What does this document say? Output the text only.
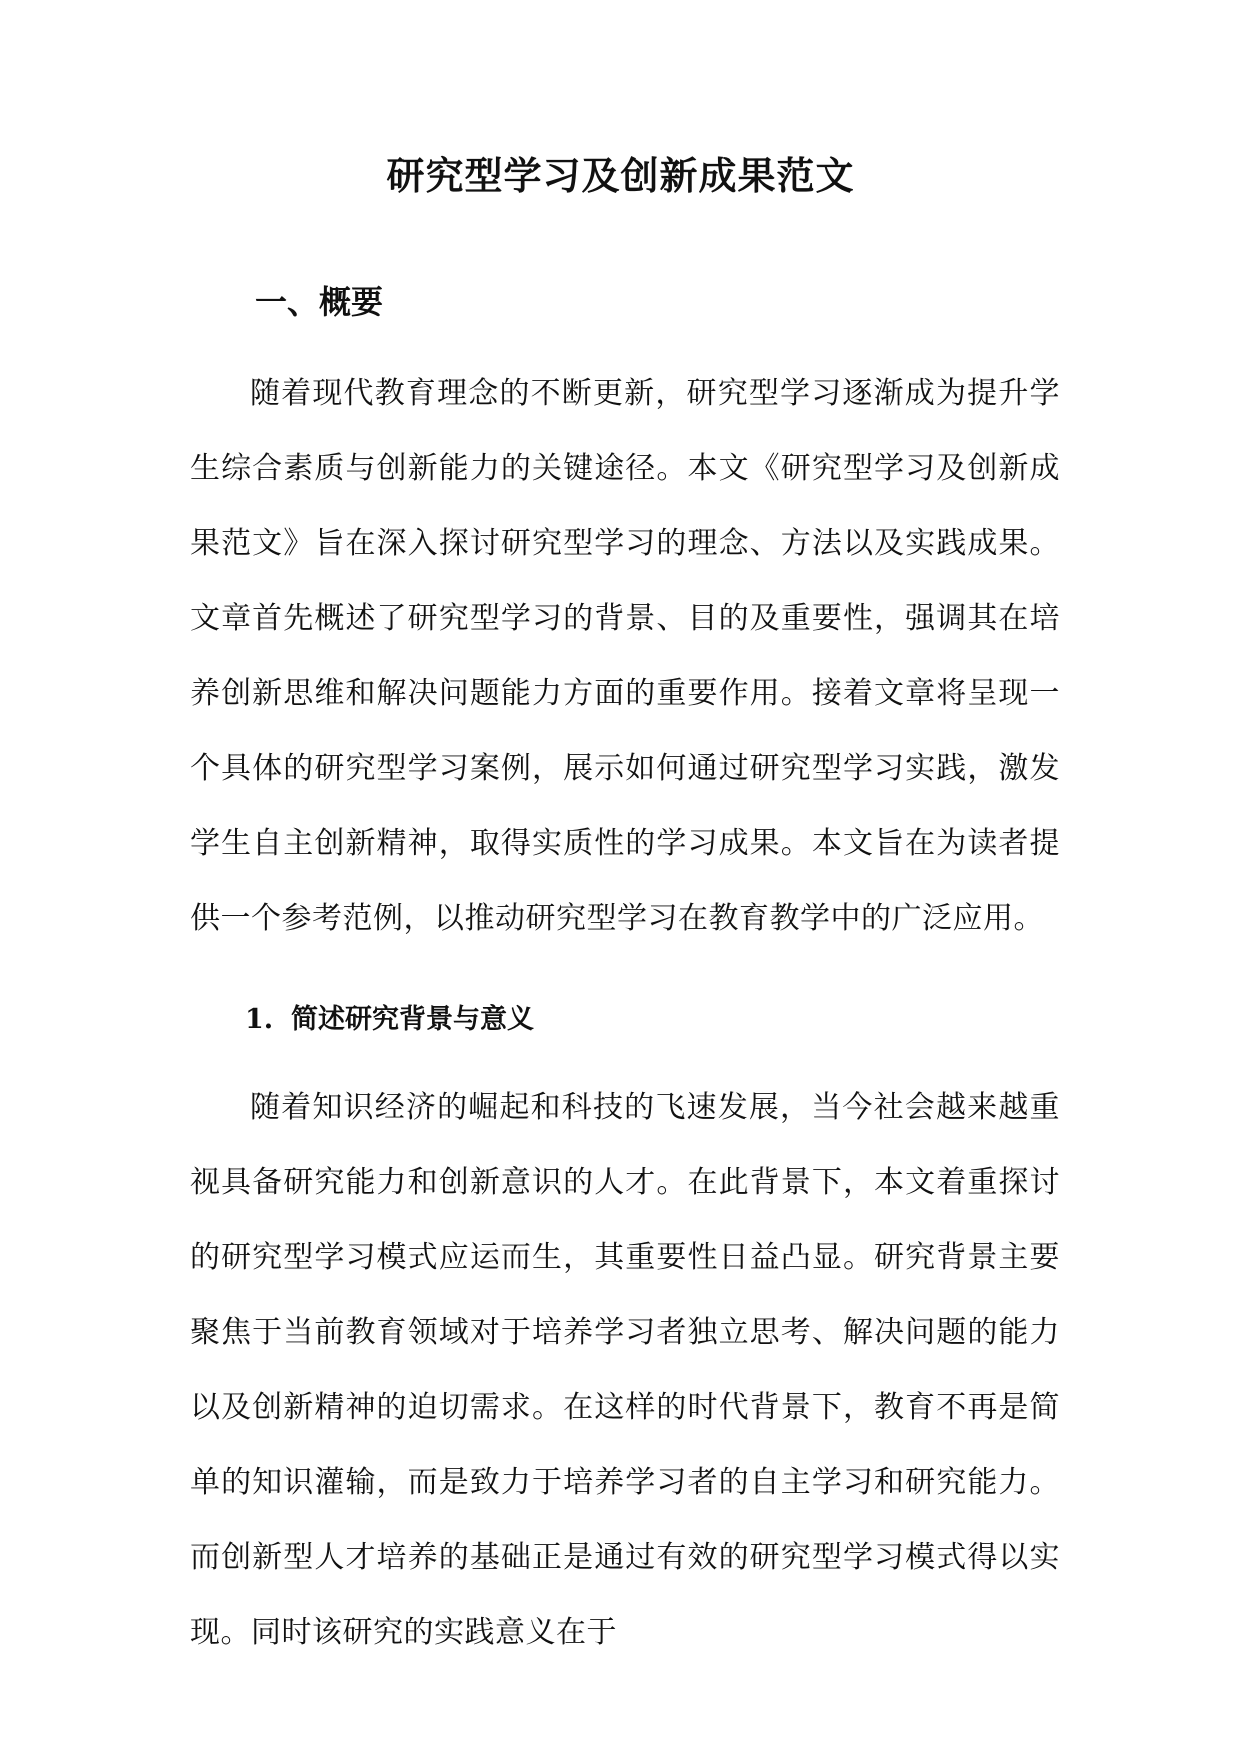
研究型学习及创新成果范文
一、概要

随着现代教育理念的不断更新，研究型学习逐渐成为提升学生综合素质与创新能力的关键途径。本文《研究型学习及创新成果范文》旨在深入探讨研究型学习的理念、方法以及实践成果。文章首先概述了研究型学习的背景、目的及重要性，强调其在培养创新思维和解决问题能力方面的重要作用。接着文章将呈现一个具体的研究型学习案例，展示如何通过研究型学习实践，激发学生自主创新精神，取得实质性的学习成果。本文旨在为读者提供一个参考范例，以推动研究型学习在教育教学中的广泛应用。

1. 简述研究背景与意义

随着知识经济的崛起和科技的飞速发展，当今社会越来越重视具备研究能力和创新意识的人才。在此背景下，本文着重探讨的研究型学习模式应运而生，其重要性日益凸显。研究背景主要聚焦于当前教育领域对于培养学习者独立思考、解决问题的能力以及创新精神的迫切需求。在这样的时代背景下，教育不再是简单的知识灌输，而是致力于培养学习者的自主学习和研究能力。而创新型人才培养的基础正是通过有效的研究型学习模式得以实现。同时该研究的实践意义在于
